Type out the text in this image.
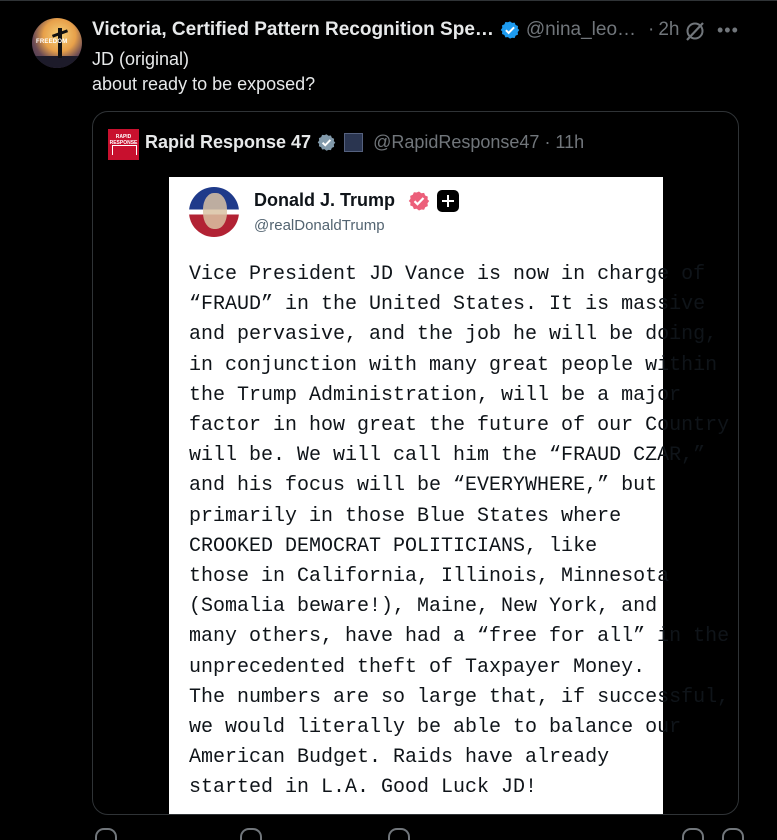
FREEDOM
Victoria, Certified Pattern Recognition Spe… @nina_leo… · 2h •••
JD (original)
about ready to be exposed?
RAPID RESPONSE Rapid Response 47	@RapidResponse47 · 11h
Donald J. Trump
@realDonaldTrump
Vice President JD Vance is now in charge of
“FRAUD” in the United States. It is massive
and pervasive, and the job he will be doing,
in conjunction with many great people within
the Trump Administration, will be a major
factor in how great the future of our Country
will be. We will call him the “FRAUD CZAR,”
and his focus will be “EVERYWHERE,” but
primarily in those Blue States where
CROOKED DEMOCRAT POLITICIANS, like
those in California, Illinois, Minnesota
(Somalia beware!), Maine, New York, and
many others, have had a “free for all” in the
unprecedented theft of Taxpayer Money.
The numbers are so large that, if successful,
we would literally be able to balance our
American Budget. Raids have already
started in L.A. Good Luck JD!
